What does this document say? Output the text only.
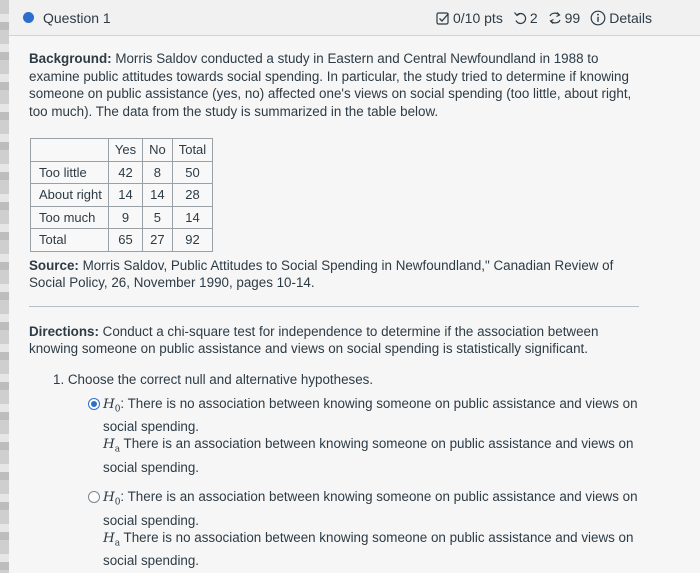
Question 1	0/10 pts 2 99 Details

Background: Morris Saldov conducted a study in Eastern and Central Newfoundland in 1988 to examine public attitudes towards social spending. In particular, the study tried to determine if knowing someone on public assistance (yes, no) affected one's views on social spending (too little, about right, too much). The data from the study is summarized in the table below.

	Yes	No	Total
Too little	42	8	50
About right	14	14	28
Too much	9	5	14
Total	65	27	92

Source: Morris Saldov, Public Attitudes to Social Spending in Newfoundland," Canadian Review of Social Policy, 26, November 1990, pages 10-14.

Directions: Conduct a chi-square test for independence to determine if the association between knowing someone on public assistance and views on social spending is statistically significant.

1. Choose the correct null and alternative hypotheses.
$H_0$: There is no association between knowing someone on public assistance and views on social spending.
$H_a$ There is an association between knowing someone on public assistance and views on social spending.
$H_0$: There is an association between knowing someone on public assistance and views on social spending.
$H_a$ There is no association between knowing someone on public assistance and views on social spending.
